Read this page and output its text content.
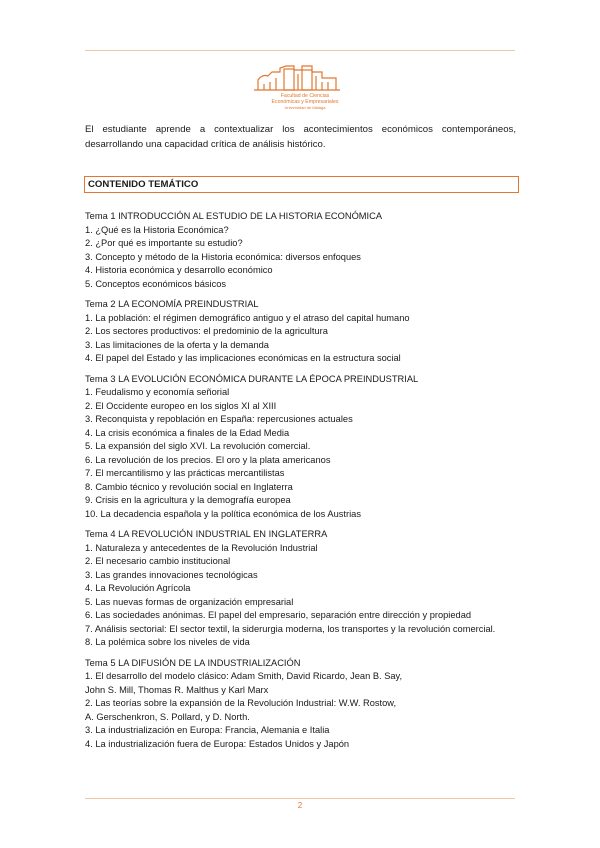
Facultad de Ciencias
Económicas y Empresariales
Universidad de Málaga

El estudiante aprende a contextualizar los acontecimientos económicos contemporáneos, desarrollando una capacidad crítica de análisis histórico.

CONTENIDO TEMÁTICO
Tema 1 INTRODUCCIÓN AL ESTUDIO DE LA HISTORIA ECONÓMICA
1. ¿Qué es la Historia Económica?
2. ¿Por qué es importante su estudio?
3. Concepto y método de la Historia económica: diversos enfoques
4. Historia económica y desarrollo económico
5. Conceptos económicos básicos
Tema 2 LA ECONOMÍA PREINDUSTRIAL
1. La población: el régimen demográfico antiguo y el atraso del capital humano
2. Los sectores productivos: el predominio de la agricultura
3. Las limitaciones de la oferta y la demanda
4. El papel del Estado y las implicaciones económicas en la estructura social
Tema 3 LA EVOLUCIÓN ECONÓMICA DURANTE LA ÉPOCA PREINDUSTRIAL
1. Feudalismo y economía señorial
2. El Occidente europeo en los siglos XI al XIII
3. Reconquista y repoblación en España: repercusiones actuales
4. La crisis económica a finales de la Edad Media
5. La expansión del siglo XVI. La revolución comercial.
6. La revolución de los precios. El oro y la plata americanos
7. El mercantilismo y las prácticas mercantilistas
8. Cambio técnico y revolución social en Inglaterra
9. Crisis en la agricultura y la demografía europea
10. La decadencia española y la política económica de los Austrias
Tema 4 LA REVOLUCIÓN INDUSTRIAL EN INGLATERRA
1. Naturaleza y antecedentes de la Revolución Industrial
2. El necesario cambio institucional
3. Las grandes innovaciones tecnológicas
4. La Revolución Agrícola
5. Las nuevas formas de organización empresarial
6. Las sociedades anónimas. El papel del empresario, separación entre dirección y propiedad
7. Análisis sectorial: El sector textil, la siderurgia moderna, los transportes y la revolución comercial.
8. La polémica sobre los niveles de vida
Tema 5 LA DIFUSIÓN DE LA INDUSTRIALIZACIÓN
1. El desarrollo del modelo clásico: Adam Smith, David Ricardo, Jean B. Say,
John S. Mill, Thomas R. Malthus y Karl Marx
2. Las teorías sobre la expansión de la Revolución Industrial: W.W. Rostow,
A. Gerschenkron, S. Pollard, y D. North.
3. La industrialización en Europa: Francia, Alemania e Italia
4. La industrialización fuera de Europa: Estados Unidos y Japón
2
